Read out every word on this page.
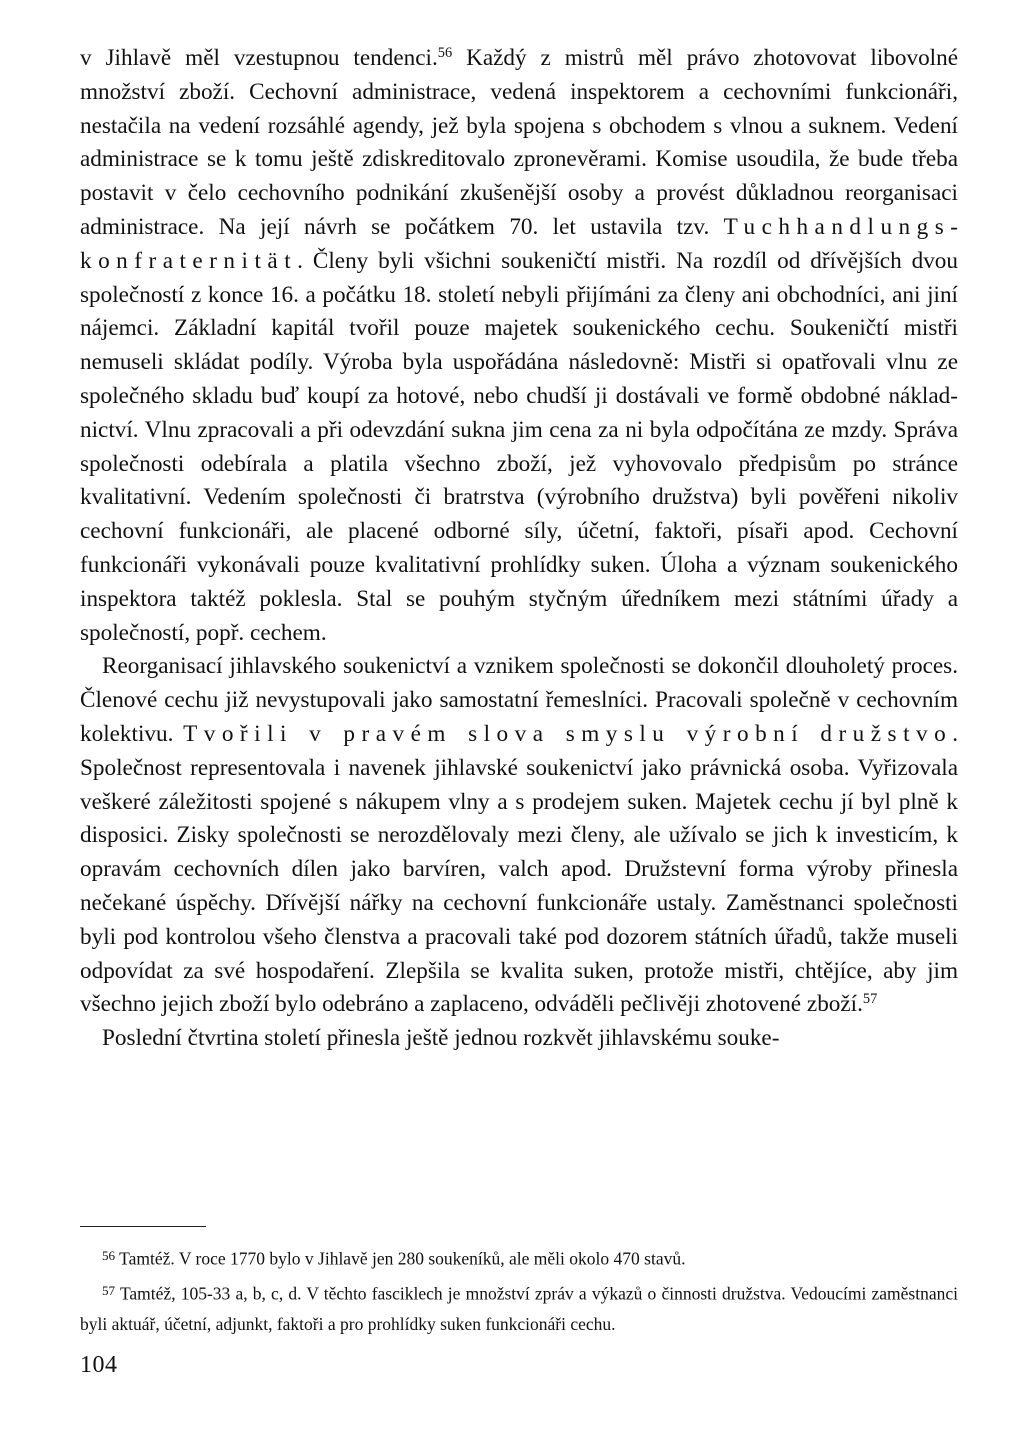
v Jihlavě měl vzestupnou tendenci.$^{56}$ Každý z mistrů měl právo zhotovovat libovolné množství zboží. Cechovní administrace, vedená inspektorem a cechovními funkcionáři, nestačila na vedení rozsáhlé agendy, jež byla spojena s obchodem s vlnou a suknem. Vedení administrace se k tomu ještě zdiskreditovalo zpronevěrami. Komise usoudila, že bude třeba postavit v čelo cechovního podnikání zkušenější osoby a provést důkladnou reorganisaci administrace. Na její návrh se počátkem 70. let ustavila tzv. Tuchhandlungskonfraternität. Členy byli všichni soukeničtí mistři. Na rozdíl od dřívějších dvou společností z konce 16. a počátku 18. století nebyli přijímáni za členy ani obchodníci, ani jiní nájemci. Základní kapitál tvořil pouze majetek soukenického cechu. Soukeničtí mistři nemuseli skládat podíly. Výroba byla uspořádána následovně: Mistři si opatřovali vlnu ze společného skladu buď koupí za hotové, nebo chudší ji dostávali ve formě obdobné nákladnictví. Vlnu zpracovali a při odevzdání sukna jim cena za ni byla odpočítána ze mzdy. Správa společnosti odebírala a platila všechno zboží, jež vyhovovalo předpisům po stránce kvalitativní. Vedením společnosti či bratrstva (výrobního družstva) byli pověřeni nikoliv cechovní funkcionáři, ale placené odborné síly, účetní, faktoři, písaři apod. Cechovní funkcionáři vykonávali pouze kvalitativní prohlídky suken. Úloha a význam soukenického inspektora taktéž poklesla. Stal se pouhým styčným úředníkem mezi státními úřady a společností, popř. cechem.

Reorganisací jihlavského soukenictví a vznikem společnosti se dokončil dlouholetý proces. Členové cechu již nevystupovali jako samostatní řemeslníci. Pracovali společně v cechovním kolektivu. Tvořili v pravém slova smyslu výrobní družstvo. Společnost representovala i navenek jihlavské soukenictví jako právnická osoba. Vyřizovala veškeré záležitosti spojené s nákupem vlny a s prodejem suken. Majetek cechu jí byl plně k disposici. Zisky společnosti se nerozdělovaly mezi členy, ale užívalo se jich k investicím, k opravám cechovních dílen jako barvíren, valch apod. Družstevní forma výroby přinesla nečekané úspěchy. Dřívější nářky na cechovní funkcionáře ustaly. Zaměstnanci společnosti byli pod kontrolou všeho členstva a pracovali také pod dozorem státních úřadů, takže museli odpovídat za své hospodaření. Zlepšila se kvalita suken, protože mistři, chtějíce, aby jim všechno jejich zboží bylo odebráno a zaplaceno, odváděli pečlivěji zhotovené zboží.$^{57}$

Poslední čtvrtina století přinesla ještě jednou rozkvět jihlavskému souke-

$^{56}$ Tamtéž. V roce 1770 bylo v Jihlavě jen 280 soukeníků, ale měli okolo 470 stavů.

$^{57}$ Tamtéž, 105-33 a, b, c, d. V těchto fasciklech je množství zpráv a výkazů o činnosti družstva. Vedoucími zaměstnanci byli aktuář, účetní, adjunkt, faktoři a pro prohlídky suken funkcionáři cechu.

104
